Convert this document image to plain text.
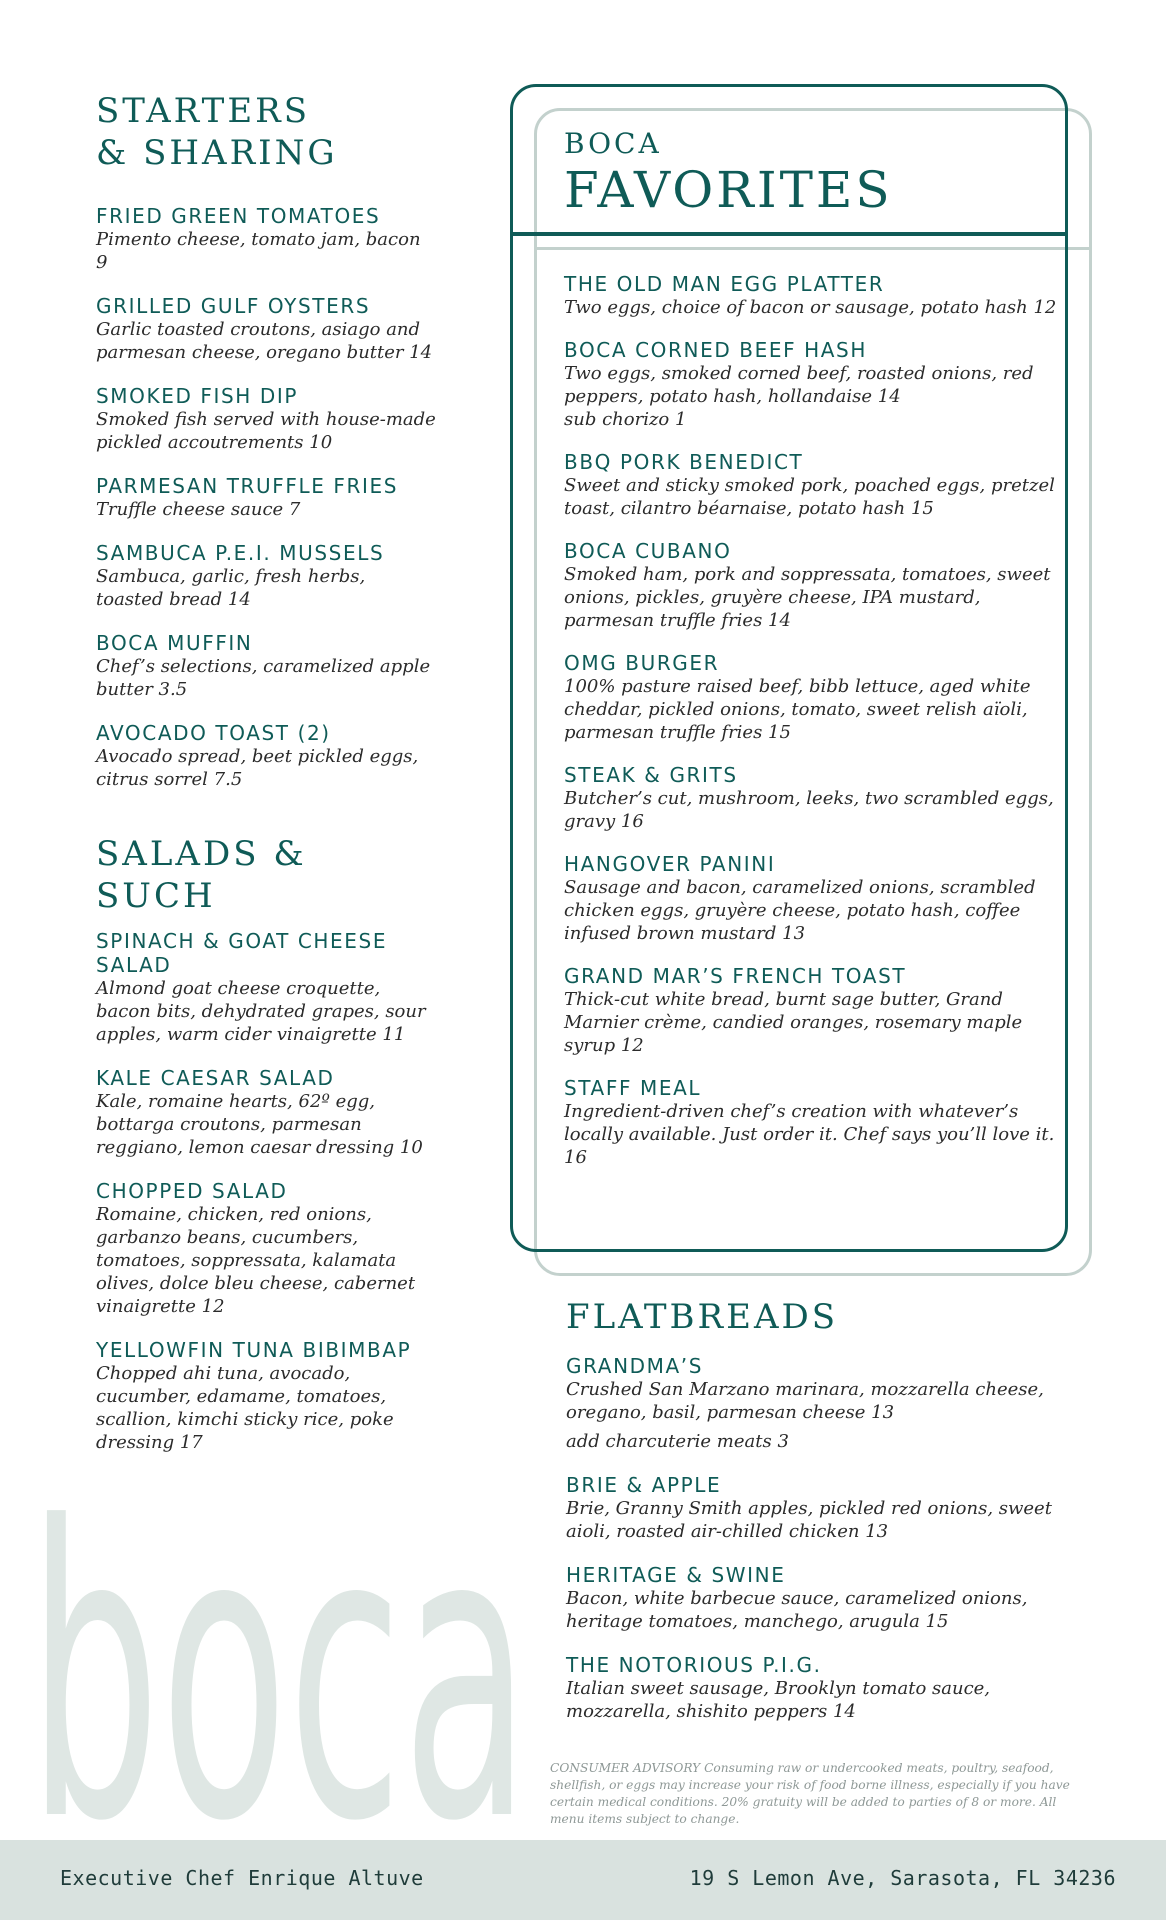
boca
STARTERS
& SHARING
FRIED GREEN TOMATOES
Pimento cheese, tomato jam, bacon 9
GRILLED GULF OYSTERS
Garlic toasted croutons, asiago and parmesan cheese, oregano butter 14
SMOKED FISH DIP
Smoked fish served with house-made pickled accoutrements 10
PARMESAN TRUFFLE FRIES
Truffle cheese sauce 7
SAMBUCA P.E.I. MUSSELS
Sambuca, garlic, fresh herbs, toasted bread 14
BOCA MUFFIN
Chef’s selections, caramelized apple butter 3.5
AVOCADO TOAST (2)
Avocado spread, beet pickled eggs, citrus sorrel 7.5
SALADS & SUCH
SPINACH & GOAT CHEESE SALAD
Almond goat cheese croquette, bacon bits, dehydrated grapes, sour apples, warm cider vinaigrette 11
KALE CAESAR SALAD
Kale, romaine hearts, 62º egg, bottarga croutons, parmesan reggiano, lemon caesar dressing 10
CHOPPED SALAD
Romaine, chicken, red onions, garbanzo beans, cucumbers, tomatoes, soppressata, kalamata olives, dolce bleu cheese, cabernet vinaigrette 12
YELLOWFIN TUNA BIBIMBAP
Chopped ahi tuna, avocado, cucumber, edamame, tomatoes, scallion, kimchi sticky rice, poke dressing 17
BOCA
FAVORITES
THE OLD MAN EGG PLATTER
Two eggs, choice of bacon or sausage, potato hash 12
BOCA CORNED BEEF HASH
Two eggs, smoked corned beef, roasted onions, red peppers, potato hash, hollandaise 14
sub chorizo 1
BBQ PORK BENEDICT
Sweet and sticky smoked pork, poached eggs, pretzel toast, cilantro béarnaise, potato hash 15
BOCA CUBANO
Smoked ham, pork and soppressata, tomatoes, sweet onions, pickles, gruyère cheese, IPA mustard, parmesan truffle fries 14
OMG BURGER
100% pasture raised beef, bibb lettuce, aged white cheddar, pickled onions, tomato, sweet relish aïoli, parmesan truffle fries 15
STEAK & GRITS
Butcher’s cut, mushroom, leeks, two scrambled eggs, gravy 16
HANGOVER PANINI
Sausage and bacon, caramelized onions, scrambled chicken eggs, gruyère cheese, potato hash, coffee infused brown mustard 13
GRAND MAR’S FRENCH TOAST
Thick-cut white bread, burnt sage butter, Grand Marnier crème, candied oranges, rosemary maple syrup 12
STAFF MEAL
Ingredient-driven chef’s creation with whatever’s locally available. Just order it. Chef says you’ll love it. 16
FLATBREADS
GRANDMA’S
Crushed San Marzano marinara, mozzarella cheese, oregano, basil, parmesan cheese 13
add charcuterie meats 3
BRIE & APPLE
Brie, Granny Smith apples, pickled red onions, sweet aioli, roasted air-chilled chicken 13
HERITAGE & SWINE
Bacon, white barbecue sauce, caramelized onions, heritage tomatoes, manchego, arugula 15
THE NOTORIOUS P.I.G.
Italian sweet sausage, Brooklyn tomato sauce, mozzarella, shishito peppers 14
CONSUMER ADVISORY Consuming raw or undercooked meats, poultry, seafood, shellfish, or eggs may increase your risk of food borne illness, especially if you have certain medical conditions. 20% gratuity will be added to parties of 8 or more. All menu items subject to change.
Executive Chef Enrique Altuve	19 S Lemon Ave, Sarasota, FL 34236
